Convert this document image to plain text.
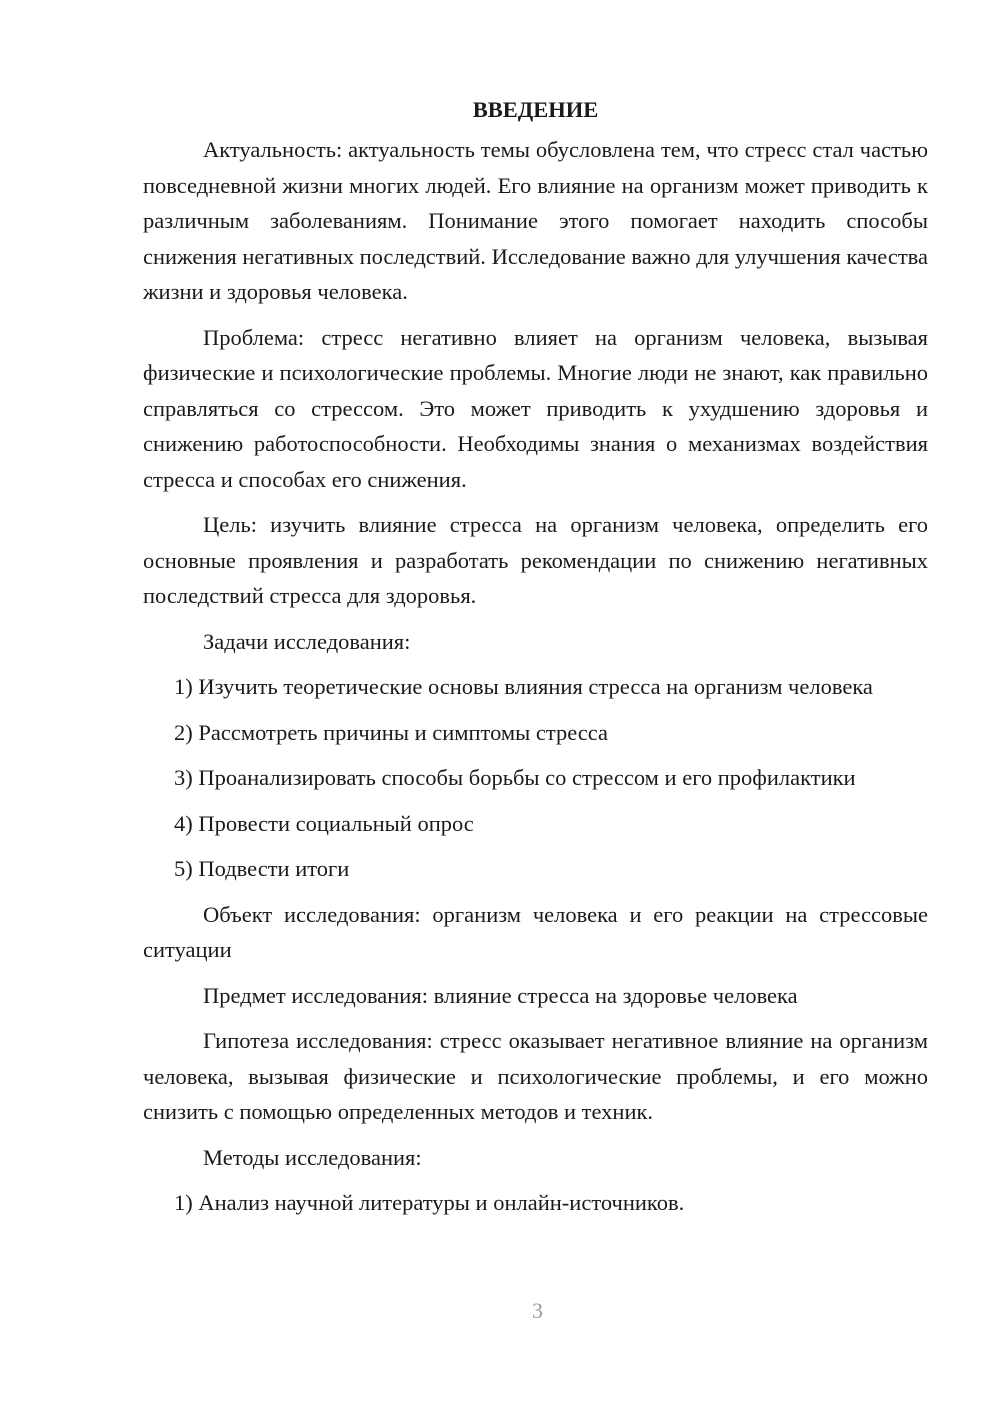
ВВЕДЕНИЕ

Актуальность: актуальность темы обусловлена тем, что стресс стал частью повседневной жизни многих людей. Его влияние на организм может приводить к различным заболеваниям. Понимание этого помогает находить способы снижения негативных последствий. Исследование важно для улучшения качества жизни и здоровья человека.

Проблема: стресс негативно влияет на организм человека, вызывая физические и психологические проблемы. Многие люди не знают, как правильно справляться со стрессом. Это может приводить к ухудшению здоровья и снижению работоспособности. Необходимы знания о механизмах воздействия стресса и способах его снижения.

Цель: изучить влияние стресса на организм человека, определить его основные проявления и разработать рекомендации по снижению негативных последствий стресса для здоровья.

Задачи исследования:

1) Изучить теоретические основы влияния стресса на организм человека

2) Рассмотреть причины и симптомы стресса

3) Проанализировать способы борьбы со стрессом и его профилактики

4) Провести социальный опрос

5) Подвести итоги

Объект исследования: организм человека и его реакции на стрессовые ситуации

Предмет исследования: влияние стресса на здоровье человека

Гипотеза исследования: стресс оказывает негативное влияние на организм человека, вызывая физические и психологические проблемы, и его можно снизить с помощью определенных методов и техник.

Методы исследования:

1) Анализ научной литературы и онлайн-источников.

3
